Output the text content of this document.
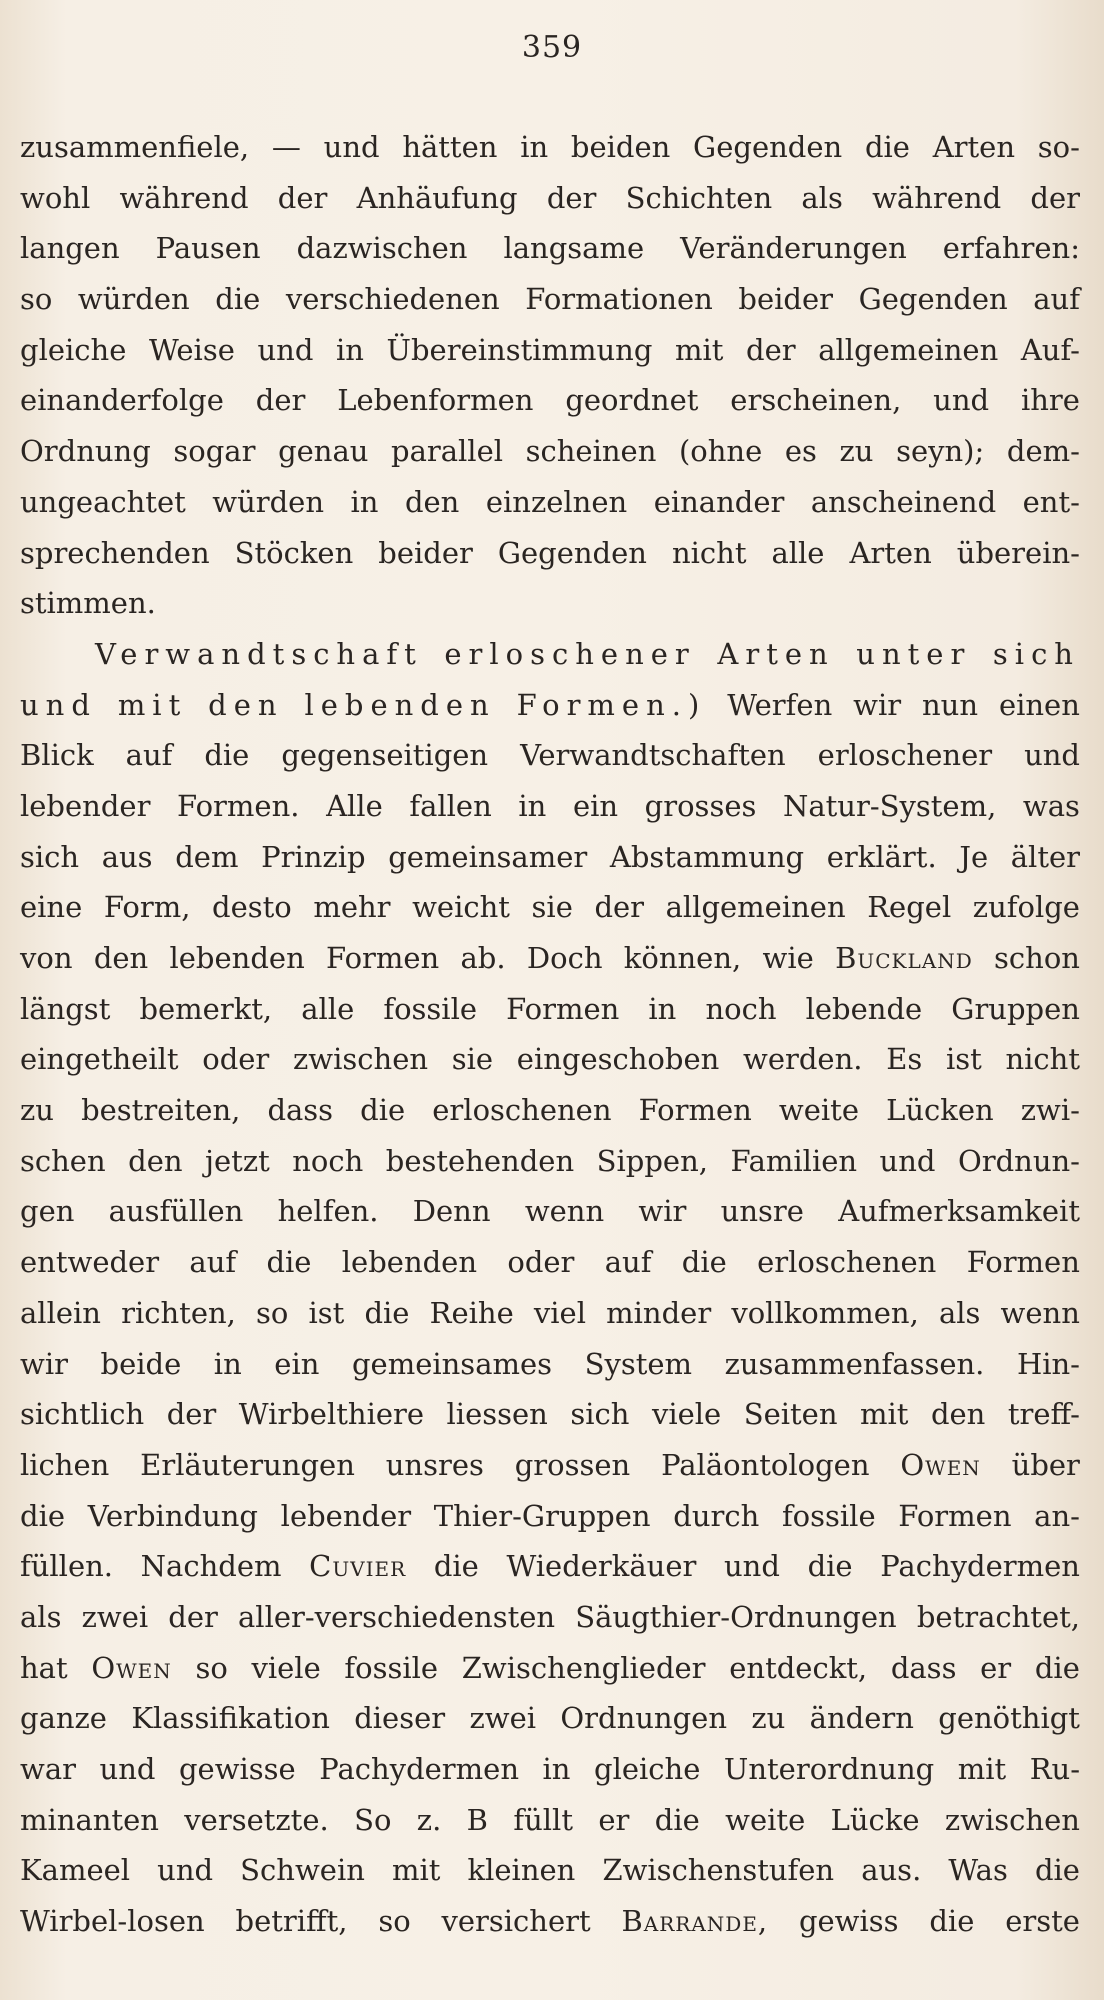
359
zusammenfiele, — und hätten in beiden Gegenden die Arten so-
wohl während der Anhäufung der Schichten als während der
langen Pausen dazwischen langsame Veränderungen erfahren:
so würden die verschiedenen Formationen beider Gegenden auf
gleiche Weise und in Übereinstimmung mit der allgemeinen Auf-
einanderfolge der Lebenformen geordnet erscheinen, und ihre
Ordnung sogar genau parallel scheinen (ohne es zu seyn); dem-
ungeachtet würden in den einzelnen einander anscheinend ent-
sprechenden Stöcken beider Gegenden nicht alle Arten überein-
stimmen.
Verwandtschaft erloschener Arten unter sich
und mit den lebenden Formen.) Werfen wir nun einen
Blick auf die gegenseitigen Verwandtschaften erloschener und
lebender Formen. Alle fallen in ein grosses Natur-System, was
sich aus dem Prinzip gemeinsamer Abstammung erklärt. Je älter
eine Form, desto mehr weicht sie der allgemeinen Regel zufolge
von den lebenden Formen ab. Doch können, wie Buckland schon
längst bemerkt, alle fossile Formen in noch lebende Gruppen
eingetheilt oder zwischen sie eingeschoben werden. Es ist nicht
zu bestreiten, dass die erloschenen Formen weite Lücken zwi-
schen den jetzt noch bestehenden Sippen, Familien und Ordnun-
gen ausfüllen helfen. Denn wenn wir unsre Aufmerksamkeit
entweder auf die lebenden oder auf die erloschenen Formen
allein richten, so ist die Reihe viel minder vollkommen, als wenn
wir beide in ein gemeinsames System zusammenfassen. Hin-
sichtlich der Wirbelthiere liessen sich viele Seiten mit den treff-
lichen Erläuterungen unsres grossen Paläontologen Owen über
die Verbindung lebender Thier-Gruppen durch fossile Formen an-
füllen. Nachdem Cuvier die Wiederkäuer und die Pachydermen
als zwei der aller-verschiedensten Säugthier-Ordnungen betrachtet,
hat Owen so viele fossile Zwischenglieder entdeckt, dass er die
ganze Klassifikation dieser zwei Ordnungen zu ändern genöthigt
war und gewisse Pachydermen in gleiche Unterordnung mit Ru-
minanten versetzte. So z. B füllt er die weite Lücke zwischen
Kameel und Schwein mit kleinen Zwischenstufen aus. Was die
Wirbel-losen betrifft, so versichert Barrande, gewiss die erste
